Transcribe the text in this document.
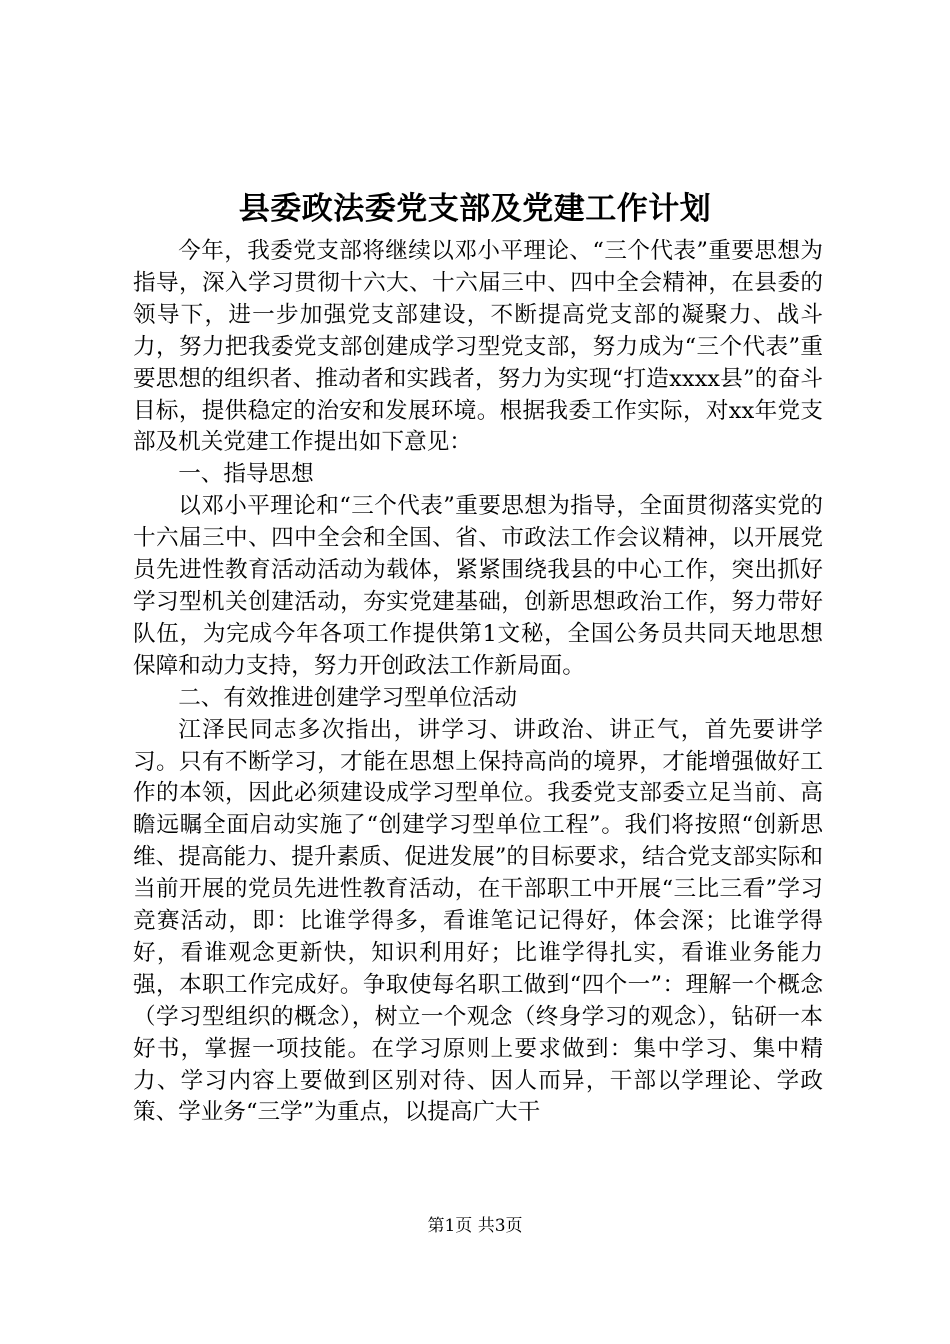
县委政法委党支部及党建工作计划

今年，我委党支部将继续以邓小平理论、“三个代表”重要思想为指导，深入学习贯彻十六大、十六届三中、四中全会精神，在县委的领导下，进一步加强党支部建设，不断提高党支部的凝聚力、战斗力，努力把我委党支部创建成学习型党支部，努力成为“三个代表”重要思想的组织者、推动者和实践者，努力为实现“打造xxxx县”的奋斗目标，提供稳定的治安和发展环境。根据我委工作实际，对xx年党支部及机关党建工作提出如下意见：

一、指导思想

以邓小平理论和“三个代表”重要思想为指导，全面贯彻落实党的十六届三中、四中全会和全国、省、市政法工作会议精神，以开展党员先进性教育活动活动为载体，紧紧围绕我县的中心工作，突出抓好学习型机关创建活动，夯实党建基础，创新思想政治工作，努力带好队伍，为完成今年各项工作提供第1文秘，全国公务员共同天地思想保障和动力支持，努力开创政法工作新局面。

二、有效推进创建学习型单位活动

江泽民同志多次指出，讲学习、讲政治、讲正气，首先要讲学习。只有不断学习，才能在思想上保持高尚的境界，才能增强做好工作的本领，因此必须建设成学习型单位。我委党支部委立足当前、高瞻远瞩全面启动实施了“创建学习型单位工程”。我们将按照“创新思维、提高能力、提升素质、促进发展”的目标要求，结合党支部实际和当前开展的党员先进性教育活动，在干部职工中开展“三比三看”学习竞赛活动，即：比谁学得多，看谁笔记记得好，体会深；比谁学得好，看谁观念更新快，知识利用好；比谁学得扎实，看谁业务能力强，本职工作完成好。争取使每名职工做到“四个一”：理解一个概念（学习型组织的概念），树立一个观念（终身学习的观念），钻研一本好书，掌握一项技能。在学习原则上要求做到：集中学习、集中精力、学习内容上要做到区别对待、因人而异，干部以学理论、学政策、学业务“三学”为重点，以提高广大干

第1页 共3页
